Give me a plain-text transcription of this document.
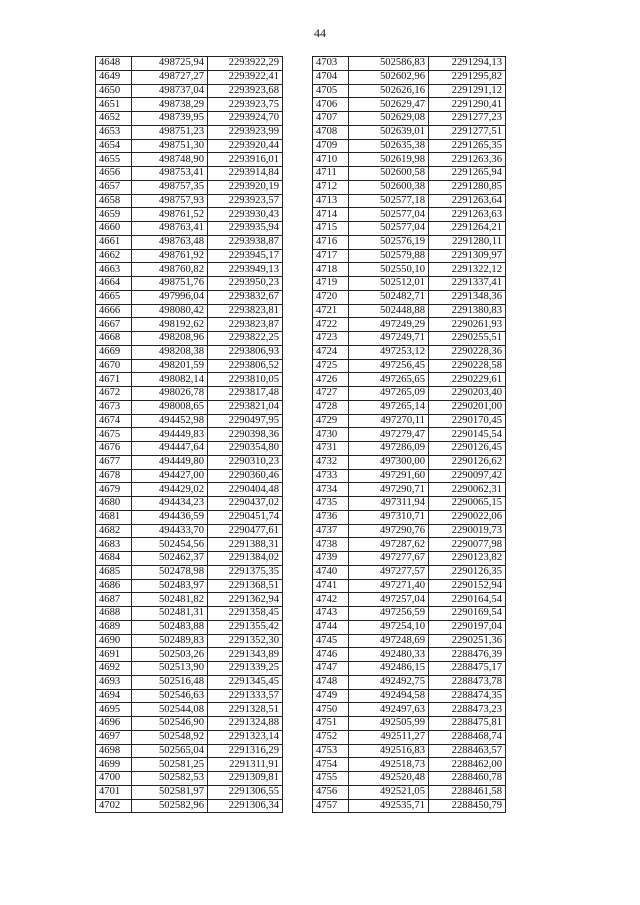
44
4648	498725,94	2293922,29
4649	498727,27	2293922,41
4650	498737,04	2293923,68
4651	498738,29	2293923,75
4652	498739,95	2293924,70
4653	498751,23	2293923,99
4654	498751,30	2293920,44
4655	498748,90	2293916,01
4656	498753,41	2293914,84
4657	498757,35	2293920,19
4658	498757,93	2293923,57
4659	498761,52	2293930,43
4660	498763,41	2293935,94
4661	498763,48	2293938,87
4662	498761,92	2293945,17
4663	498760,82	2293949,13
4664	498751,76	2293950,23
4665	497996,04	2293832,67
4666	498080,42	2293823,81
4667	498192,62	2293823,87
4668	498208,96	2293822,25
4669	498208,38	2293806,93
4670	498201,59	2293806,52
4671	498082,14	2293810,05
4672	498026,78	2293817,48
4673	498008,65	2293821,04
4674	494452,98	2290497,95
4675	494449,83	2290398,36
4676	494447,64	2290354,80
4677	494449,80	2290310,23
4678	494427,00	2290360,46
4679	494429,02	2290404,48
4680	494434,23	2290437,02
4681	494436,59	2290451,74
4682	494433,70	2290477,61
4683	502454,56	2291388,31
4684	502462,37	2291384,02
4685	502478,98	2291375,35
4686	502483,97	2291368,51
4687	502481,82	2291362,94
4688	502481,31	2291358,45
4689	502483,88	2291355,42
4690	502489,83	2291352,30
4691	502503,26	2291343,89
4692	502513,90	2291339,25
4693	502516,48	2291345,45
4694	502546,63	2291333,57
4695	502544,08	2291328,51
4696	502546,90	2291324,88
4697	502548,92	2291323,14
4698	502565,04	2291316,29
4699	502581,25	2291311,91
4700	502582,53	2291309,81
4701	502581,97	2291306,55
4702	502582,96	2291306,34
4703	502586,83	2291294,13
4704	502602,96	2291295,82
4705	502626,16	2291291,12
4706	502629,47	2291290,41
4707	502629,08	2291277,23
4708	502639,01	2291277,51
4709	502635,38	2291265,35
4710	502619,98	2291263,36
4711	502600,58	2291265,94
4712	502600,38	2291280,85
4713	502577,18	2291263,64
4714	502577,04	2291263,63
4715	502577,04	2291264,21
4716	502576,19	2291280,11
4717	502579,88	2291309,97
4718	502550,10	2291322,12
4719	502512,01	2291337,41
4720	502482,71	2291348,36
4721	502448,88	2291380,83
4722	497249,29	2290261,93
4723	497249,71	2290255,51
4724	497253,12	2290228,36
4725	497256,45	2290228,58
4726	497265,65	2290229,61
4727	497265,09	2290203,40
4728	497265,14	2290201,00
4729	497270,11	2290170,45
4730	497279,47	2290145,54
4731	497286,09	2290126,45
4732	497300,00	2290126,62
4733	497291,60	2290097,42
4734	497290,71	2290062,31
4735	497311,94	2290065,15
4736	497310,71	2290022,06
4737	497290,76	2290019,73
4738	497287,62	2290077,98
4739	497277,67	2290123,82
4740	497277,57	2290126,35
4741	497271,40	2290152,94
4742	497257,04	2290164,54
4743	497256,59	2290169,54
4744	497254,10	2290197,04
4745	497248,69	2290251,36
4746	492480,33	2288476,39
4747	492486,15	2288475,17
4748	492492,75	2288473,78
4749	492494,58	2288474,35
4750	492497,63	2288473,23
4751	492505,99	2288475,81
4752	492511,27	2288468,74
4753	492516,83	2288463,57
4754	492518,73	2288462,00
4755	492520,48	2288460,78
4756	492521,05	2288461,58
4757	492535,71	2288450,79
